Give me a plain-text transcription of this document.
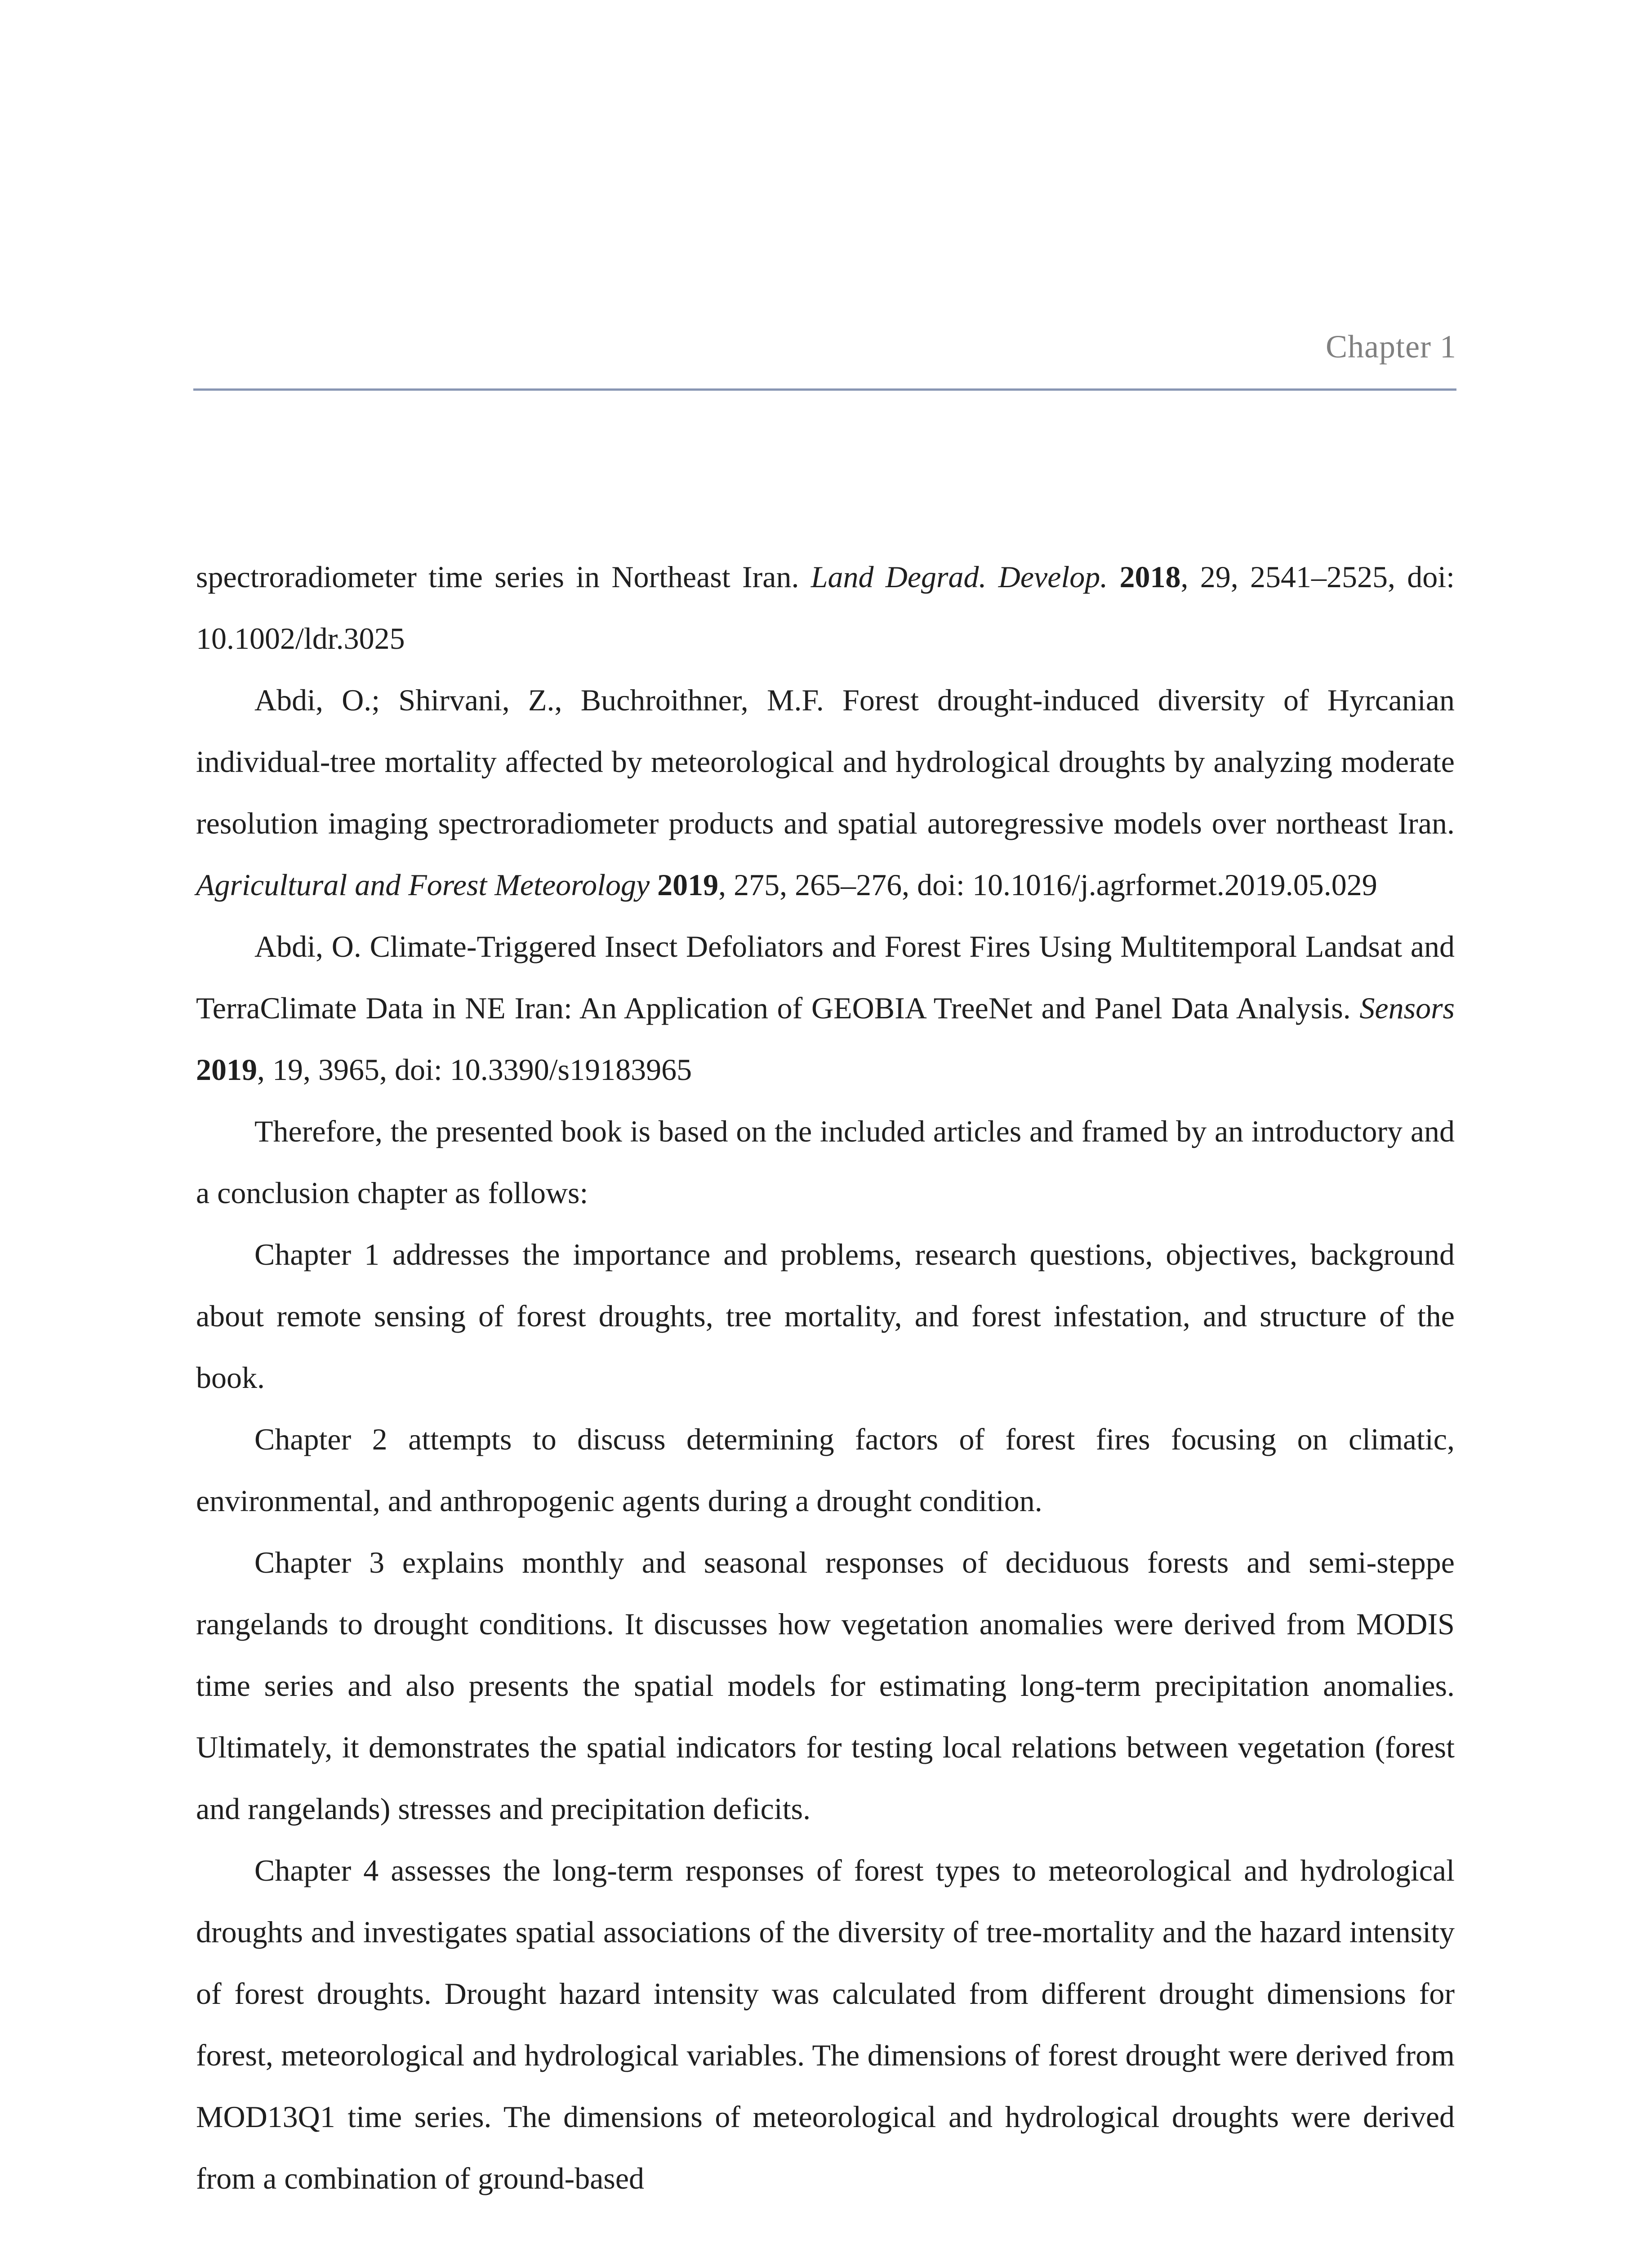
Chapter 1

spectroradiometer time series in Northeast Iran. Land Degrad. Develop. 2018, 29, 2541–2525, doi: 10.1002/ldr.3025

Abdi, O.; Shirvani, Z., Buchroithner, M.F. Forest drought-induced diversity of Hyrcanian individual-tree mortality affected by meteorological and hydrological droughts by analyzing moderate resolution imaging spectroradiometer products and spatial autoregressive models over northeast Iran. Agricultural and Forest Meteorology 2019, 275, 265–276, doi: 10.1016/j.agrformet.2019.05.029

Abdi, O. Climate-Triggered Insect Defoliators and Forest Fires Using Multitemporal Landsat and TerraClimate Data in NE Iran: An Application of GEOBIA TreeNet and Panel Data Analysis. Sensors 2019, 19, 3965, doi: 10.3390/s19183965

Therefore, the presented book is based on the included articles and framed by an introductory and a conclusion chapter as follows:

Chapter 1 addresses the importance and problems, research questions, objectives, background about remote sensing of forest droughts, tree mortality, and forest infestation, and structure of the book.

Chapter 2 attempts to discuss determining factors of forest fires focusing on climatic, environmental, and anthropogenic agents during a drought condition.

Chapter 3 explains monthly and seasonal responses of deciduous forests and semi-steppe rangelands to drought conditions. It discusses how vegetation anomalies were derived from MODIS time series and also presents the spatial models for estimating long-term precipitation anomalies. Ultimately, it demonstrates the spatial indicators for testing local relations between vegetation (forest and rangelands) stresses and precipitation deficits.

Chapter 4 assesses the long-term responses of forest types to meteorological and hydrological droughts and investigates spatial associations of the diversity of tree-mortality and the hazard intensity of forest droughts. Drought hazard intensity was calculated from different drought dimensions for forest, meteorological and hydrological variables. The dimensions of forest drought were derived from MOD13Q1 time series. The dimensions of meteorological and hydrological droughts were derived from a combination of ground-based
